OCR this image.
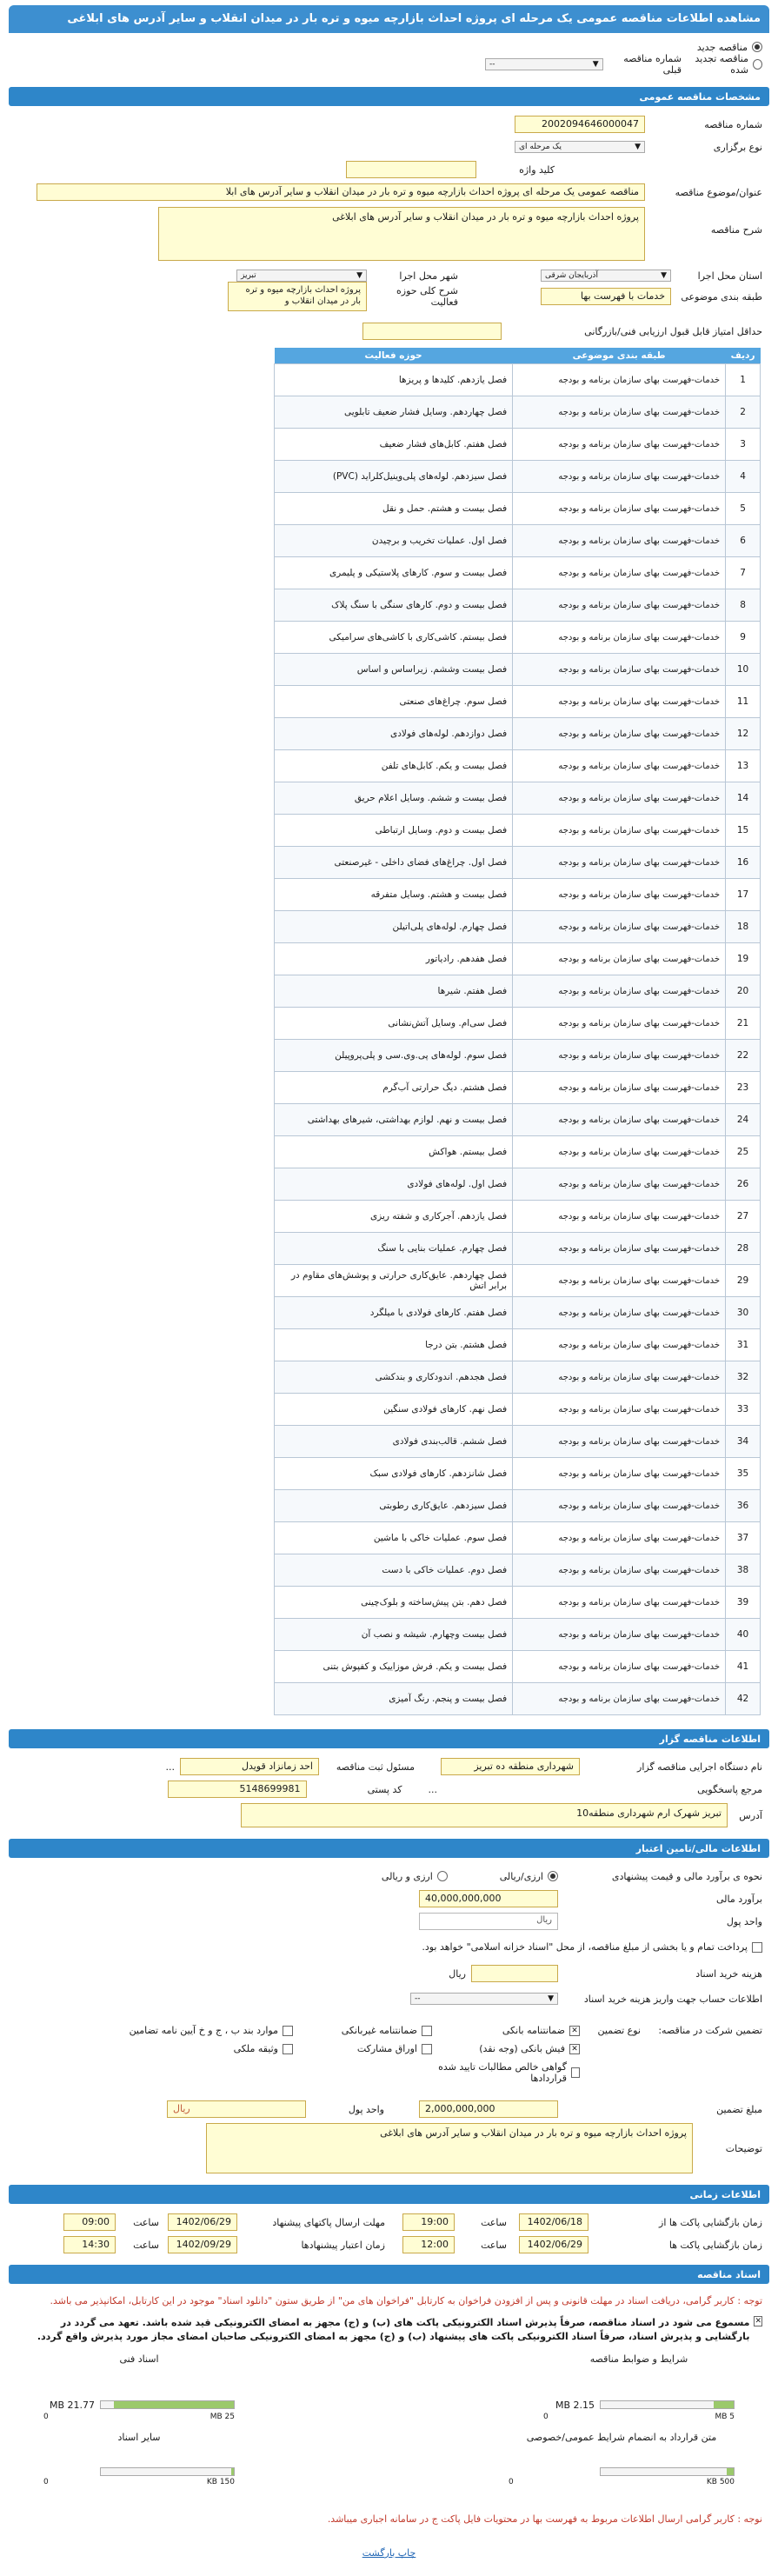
مشاهده اطلاعات مناقصه عمومی یک مرحله ای پروژه احداث بازارچه میوه و تره بار در میدان انقلاب و سایر آدرس های ابلاغی
مناقصه جدید
مناقصه تجدید شده
شماره مناقصه قبلی
▼
--
مشخصات مناقصه عمومی
شماره مناقصه
2002094646000047
نوع برگزاری
▼
یک مرحله ای
کلید واژه
عنوان/موضوع مناقصه
مناقصه عمومی یک مرحله ای پروژه احداث بازارچه میوه و تره بار در میدان انقلاب و سایر آدرس های ابلا
شرح مناقصه
پروژه احداث بازارچه میوه و تره بار در میدان انقلاب و سایر آدرس های ابلاغی
استان محل اجرا
▼
آذربایجان شرقی
طبقه بندی موضوعی
خدمات با فهرست بها
شهر محل اجرا
▼
تبریز
شرح کلی حوزه فعالیت
پروژه احداث بازارچه میوه و تره بار در میدان انقلاب و
حداقل امتیاز قابل قبول ارزیابی فنی/بازرگانی
ردیف	طبقه بندی موضوعی	حوزه فعالیت
1	خدمات-فهرست بهای سازمان برنامه و بودجه	فصل یازدهم. کلیدها و پریزها
2	خدمات-فهرست بهای سازمان برنامه و بودجه	فصل چهاردهم. وسایل فشار ضعیف تابلویی
3	خدمات-فهرست بهای سازمان برنامه و بودجه	فصل هفتم. کابل‌های فشار ضعیف
4	خدمات-فهرست بهای سازمان برنامه و بودجه	فصل سیزدهم. لوله‌های پلی‌وینیل‌کلراید (PVC)
5	خدمات-فهرست بهای سازمان برنامه و بودجه	فصل بیست و هشتم. حمل و نقل
6	خدمات-فهرست بهای سازمان برنامه و بودجه	فصل اول. عملیات تخریب و برچیدن
7	خدمات-فهرست بهای سازمان برنامه و بودجه	فصل بیست و سوم. کارهای پلاستیکی و پلیمری
8	خدمات-فهرست بهای سازمان برنامه و بودجه	فصل بیست و دوم. کارهای سنگی با سنگ پلاک
9	خدمات-فهرست بهای سازمان برنامه و بودجه	فصل بیستم. کاشی‌کاری با کاشی‌های سرامیکی
10	خدمات-فهرست بهای سازمان برنامه و بودجه	فصل بیست وششم. زیراساس و اساس
11	خدمات-فهرست بهای سازمان برنامه و بودجه	فصل سوم. چراغ‌های صنعتی
12	خدمات-فهرست بهای سازمان برنامه و بودجه	فصل دوازدهم. لوله‌های فولادی
13	خدمات-فهرست بهای سازمان برنامه و بودجه	فصل بیست و یکم. کابل‌های تلفن
14	خدمات-فهرست بهای سازمان برنامه و بودجه	فصل بیست و ششم. وسایل اعلام حریق
15	خدمات-فهرست بهای سازمان برنامه و بودجه	فصل بیست و دوم. وسایل ارتباطی
16	خدمات-فهرست بهای سازمان برنامه و بودجه	فصل اول. چراغ‌های فضای داخلی - غیرصنعتی
17	خدمات-فهرست بهای سازمان برنامه و بودجه	فصل بیست و هشتم. وسایل متفرقه
18	خدمات-فهرست بهای سازمان برنامه و بودجه	فصل چهارم. لوله‌های پلی‌اتیلن
19	خدمات-فهرست بهای سازمان برنامه و بودجه	فصل هفدهم. رادیاتور
20	خدمات-فهرست بهای سازمان برنامه و بودجه	فصل هفتم. شیرها
21	خدمات-فهرست بهای سازمان برنامه و بودجه	فصل سی‌ام. وسایل آتش‌نشانی
22	خدمات-فهرست بهای سازمان برنامه و بودجه	فصل سوم. لوله‌های پی.وی.سی و پلی‌پروپیلن
23	خدمات-فهرست بهای سازمان برنامه و بودجه	فصل هشتم. دیگ حرارتی آب‌گرم
24	خدمات-فهرست بهای سازمان برنامه و بودجه	فصل بیست و نهم. لوازم بهداشتی، شیرهای بهداشتی
25	خدمات-فهرست بهای سازمان برنامه و بودجه	فصل بیستم. هواکش
26	خدمات-فهرست بهای سازمان برنامه و بودجه	فصل اول. لوله‌های فولادی
27	خدمات-فهرست بهای سازمان برنامه و بودجه	فصل یازدهم. آجرکاری و شفته ریزی
28	خدمات-فهرست بهای سازمان برنامه و بودجه	فصل چهارم. عملیات بنایی با سنگ
29	خدمات-فهرست بهای سازمان برنامه و بودجه	فصل چهاردهم. عایق‌کاری حرارتی و پوشش‌های مقاوم در برابر اتش
30	خدمات-فهرست بهای سازمان برنامه و بودجه	فصل هفتم. کارهای فولادی با میلگرد
31	خدمات-فهرست بهای سازمان برنامه و بودجه	فصل هشتم. بتن درجا
32	خدمات-فهرست بهای سازمان برنامه و بودجه	فصل هجدهم. اندودکاری و بندکشی
33	خدمات-فهرست بهای سازمان برنامه و بودجه	فصل نهم. کارهای فولادی سنگین
34	خدمات-فهرست بهای سازمان برنامه و بودجه	فصل ششم. قالب‌بندی فولادی
35	خدمات-فهرست بهای سازمان برنامه و بودجه	فصل شانزدهم. کارهای فولادی سبک
36	خدمات-فهرست بهای سازمان برنامه و بودجه	فصل سیزدهم. عایق‌کاری رطوبتی
37	خدمات-فهرست بهای سازمان برنامه و بودجه	فصل سوم. عملیات خاکی با ماشین
38	خدمات-فهرست بهای سازمان برنامه و بودجه	فصل دوم. عملیات خاکی با دست
39	خدمات-فهرست بهای سازمان برنامه و بودجه	فصل دهم. بتن پیش‌ساخته و بلوک‌چینی
40	خدمات-فهرست بهای سازمان برنامه و بودجه	فصل بیست وچهارم. شیشه و نصب آن
41	خدمات-فهرست بهای سازمان برنامه و بودجه	فصل بیست و یکم. فرش موزاییک و کفپوش بتنی
42	خدمات-فهرست بهای سازمان برنامه و بودجه	فصل بیست و پنجم. رنگ آمیزی
اطلاعات مناقصه گزار
نام دستگاه اجرایی مناقصه گزار
شهرداری منطقه ده تبریز
مسئول ثبت مناقصه
احد زمانزاد قویدل
...
مرجع پاسخگویی
...
کد پستی
5148699981
آدرس
تبریز شهرک ارم شهرداری منطقه10
اطلاعات مالی/تامین اعتبار
نحوه ی برآورد مالی و قیمت پیشنهادی
ارزی/ریالی
ارزی و ریالی
برآورد مالی
40,000,000,000
واحد پول
ریال
پرداخت تمام و یا بخشی از مبلغ مناقصه، از محل "اسناد خزانه اسلامی" خواهد بود.
هزینه خرید اسناد
ریال
اطلاعات حساب جهت واریز هزینه خرید اسناد
▼
--
تضمین شرکت در مناقصه:
نوع تضمین
✕
ضمانتنامه بانکی
ضمانتنامه غیربانکی
موارد بند ب ، ج و خ آیین نامه تضامین
✕
فیش بانکی (وجه نقد)
اوراق مشارکت
وثیقه ملکی
گواهی خالص مطالبات تایید شده قراردادها
مبلغ تضمین
2,000,000,000
واحد پول
ریال
توضیحات
پروژه احداث بازارچه میوه و تره بار در میدان انقلاب و سایر آدرس های ابلاغی
اطلاعات زمانی
زمان بازگشایی پاکت ها از
1402/06/18
ساعت
19:00
مهلت ارسال پاکتهای پیشنهاد
1402/06/29
ساعت
09:00
زمان بازگشایی پاکت ها
1402/06/29
ساعت
12:00
زمان اعتبار پیشنهادها
1402/09/29
ساعت
14:30
اسناد مناقصه
توجه : کاربر گرامی، دریافت اسناد در مهلت قانونی و پس از افزودن فراخوان به کارتابل "فراخوان های من" از طریق ستون "دانلود اسناد" موجود در این کارتابل، امکانپذیر می باشد.
✕
مسموع می شود در اسناد مناقصه، صرفاً پذیرش اسناد الکترونیکی پاکت های (ب) و (ج) مجهز به امضای الکترونیکی قید شده باشد. تعهد می گردد در بارگشایی و پذیرش اسناد، صرفاً اسناد الکترونیکی پاکت های پیشنهاد (ب) و (ج) مجهز به امضای الکترونیکی صاحبان امضای مجاز مورد پذیرش واقع گردد.
شرایط و ضوابط مناقصه
2.15 MB
5 MB
0
اسناد فنی
21.77 MB
25 MB
0
متن قرارداد به انضمام شرایط عمومی/خصوصی
500 KB
0
سایر اسناد
150 KB
0
نوجه : کاربر گرامی ارسال اطلاعات مربوط به فهرست بها در محتویات فایل پاکت ج در سامانه اجباری میباشد.
چاپ بارگشت
